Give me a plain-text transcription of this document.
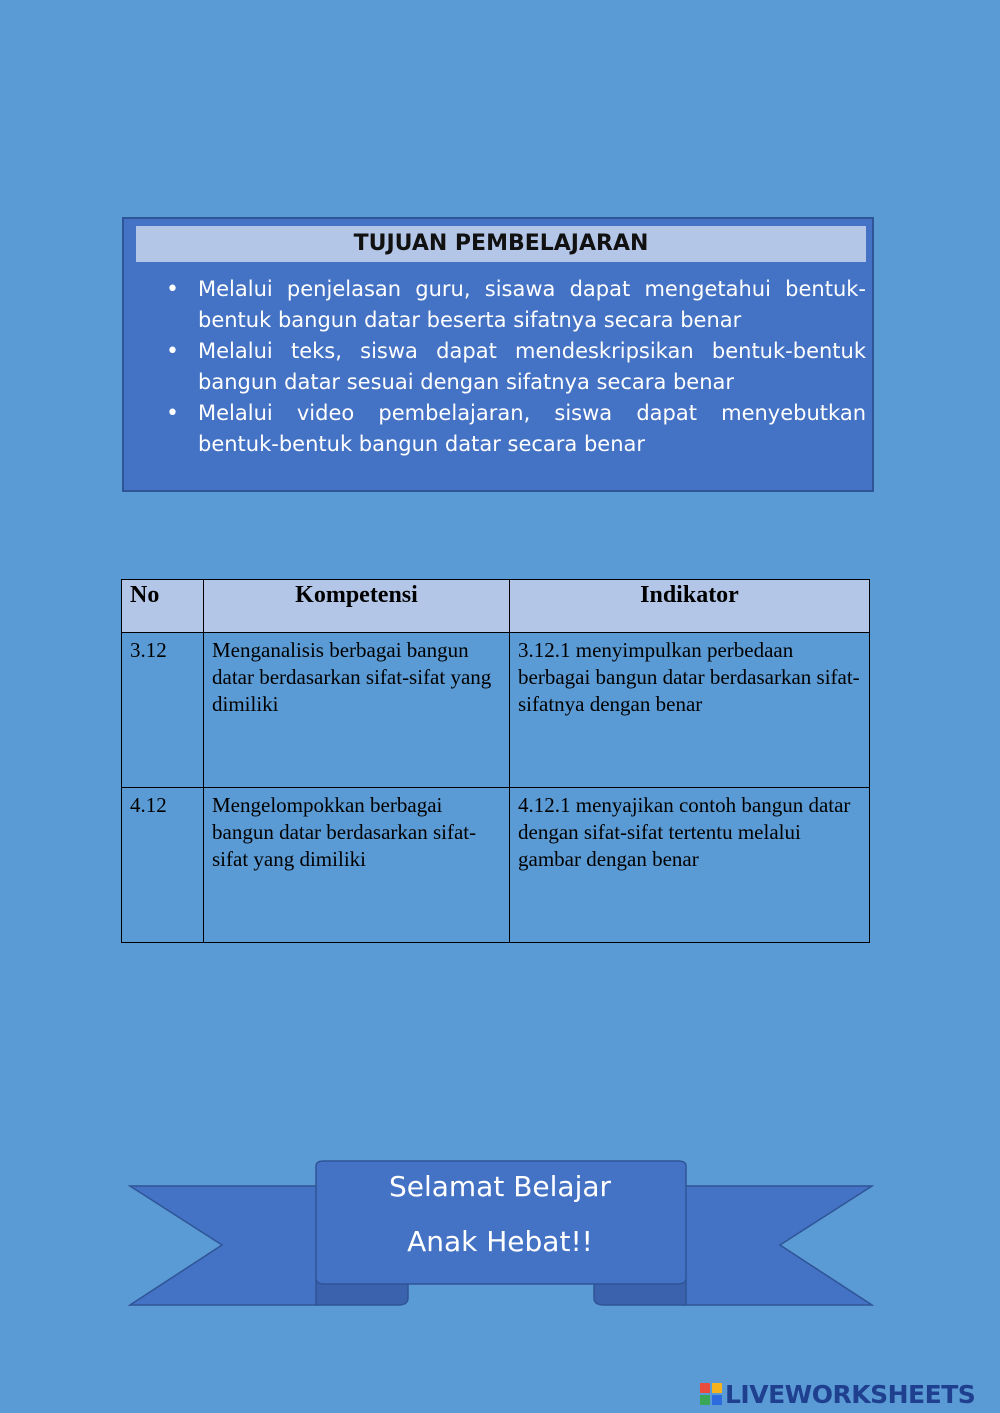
TUJUAN PEMBELAJARAN
• Melalui penjelasan guru, sisawa dapat mengetahui bentuk-bentuk bangun datar beserta sifatnya secara benar
• Melalui teks, siswa dapat mendeskripsikan bentuk-bentuk bangun datar sesuai dengan sifatnya secara benar
• Melalui video pembelajaran, siswa dapat menyebutkan bentuk-bentuk bangun datar secara benar
No	Kompetensi	Indikator
3.12	Menganalisis berbagai bangun datar berdasarkan sifat-sifat yang dimiliki	3.12.1 menyimpulkan perbedaan berbagai bangun datar berdasarkan sifat-sifatnya dengan benar
4.12	Mengelompokkan berbagai bangun datar berdasarkan sifat-sifat yang dimiliki	4.12.1 menyajikan contoh bangun datar dengan sifat-sifat tertentu melalui gambar dengan benar
Selamat Belajar
Anak Hebat!!
LIVEWORKSHEETS
